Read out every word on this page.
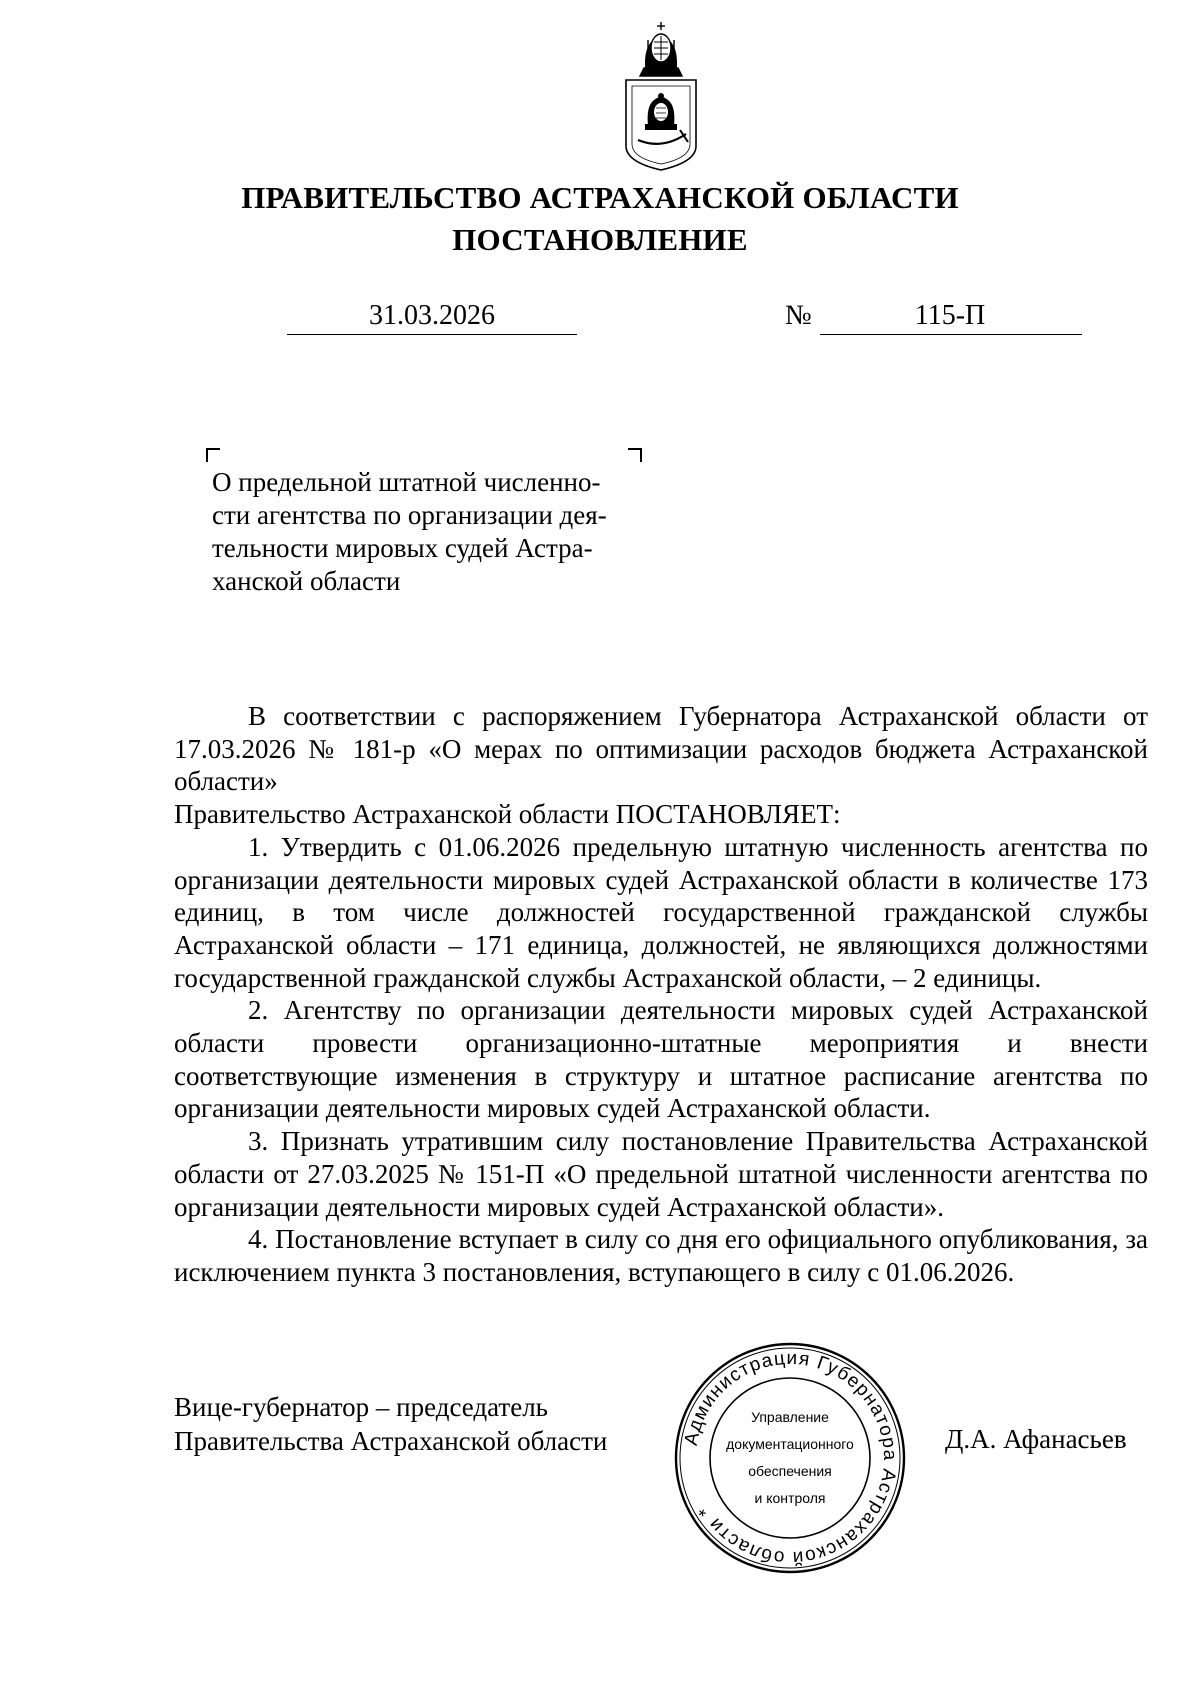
ПРАВИТЕЛЬСТВО АСТРАХАНСКОЙ ОБЛАСТИ
ПОСТАНОВЛЕНИЕ
31.03.2026	№	115-П
О предельной штатной численно-
сти агентства по организации дея-
тельности мировых судей Астра-
ханской области

В соответствии с распоряжением Губернатора Астраханской области от 17.03.2026 № 181-р «О мерах по оптимизации расходов бюджета Астраханской области»

Правительство Астраханской области ПОСТАНОВЛЯЕТ:

1. Утвердить с 01.06.2026 предельную штатную численность агентства по организации деятельности мировых судей Астраханской области в количестве 173 единиц, в том числе должностей государственной гражданской службы Астраханской области – 171 единица, должностей, не являющихся должностями государственной гражданской службы Астраханской области, – 2 единицы.

2. Агентству по организации деятельности мировых судей Астраханской области провести организационно-штатные мероприятия и внести соответствующие изменения в структуру и штатное расписание агентства по организации деятельности мировых судей Астраханской области.

3. Признать утратившим силу постановление Правительства Астраханской области от 27.03.2025 № 151-П «О предельной штатной численности агентства по организации деятельности мировых судей Астраханской области».

4. Постановление вступает в силу со дня его официального опубликования, за исключением пункта 3 постановления, вступающего в силу с 01.06.2026.

Вице-губернатор – председатель
Правительства Астраханской области	Д.А. Афанасьев
Администрация Губернатора Астраханской области *
Управление
документационного
обеспечения
и контроля
